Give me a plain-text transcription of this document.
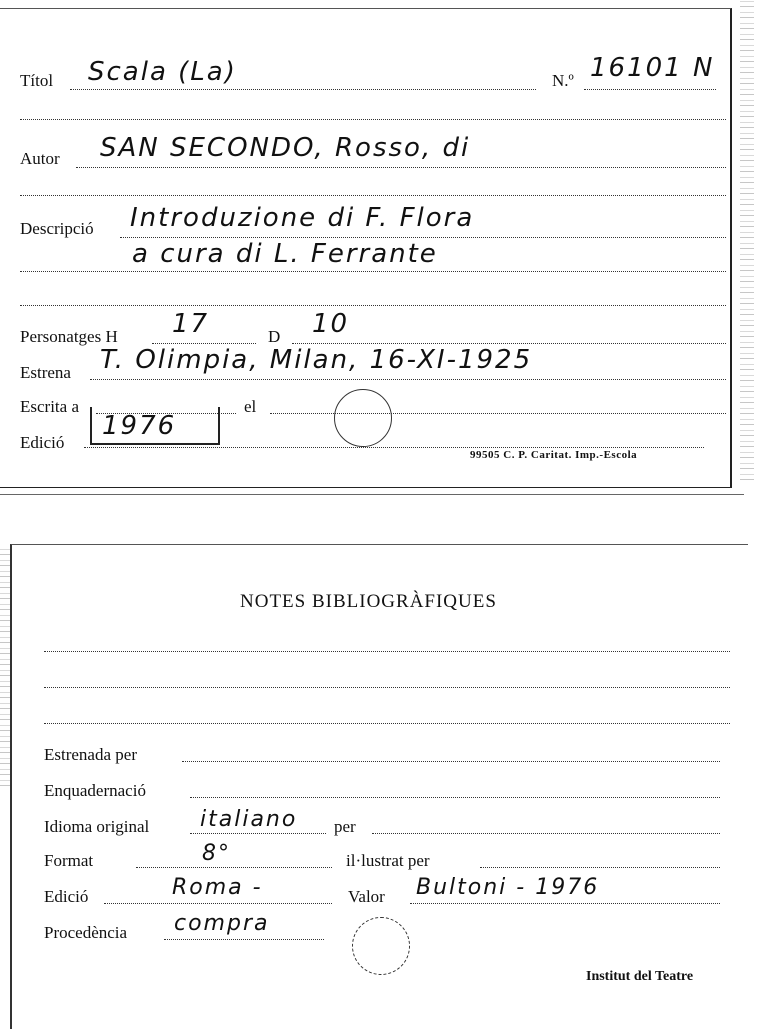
Títol Scala (La)	N.º 16101 N
Autor SAN SECONDO, Rosso, di
Descripció Introduzione di F. Flora
a cura di L. Ferrante
Personatges H 17	D 10
Estrena T. Olimpia, Milan, 16-XI-1925
Escrita a	el
Edició
1976
99505 C. P. Caritat. Imp.-Escola
NOTES BIBLIOGRÀFIQUES
Estrenada per
Enquadernació
Idioma original italiano per
Format	8°	il·lustrat per
Edició	Roma -	Valor Bultoni - 1976
Procedència compra
Institut del Teatre
